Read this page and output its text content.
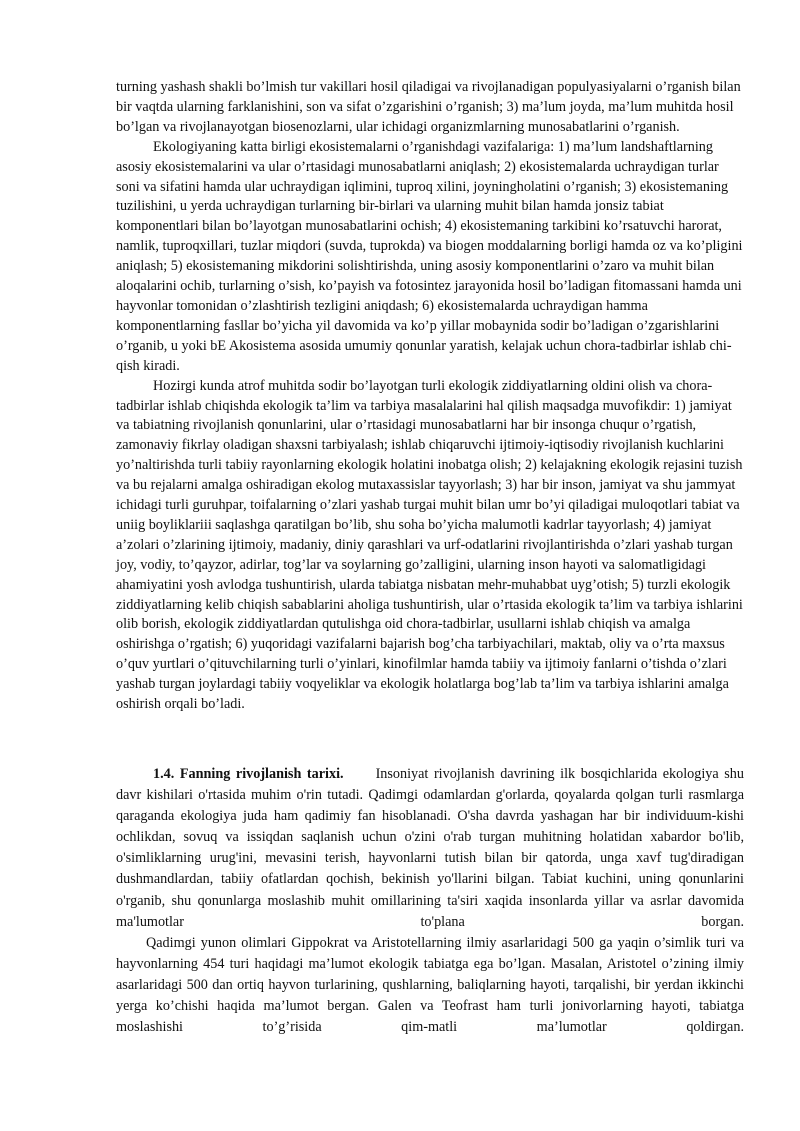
turning yashash shakli bo’lmish tur vakillari hosil qiladigai va rivojlanadigan populyasiyalarni o’rganish bilan bir vaqtda ularning farklanishini, son va sifat o’zgarishini o’rganish; 3) ma’lum joyda, ma’lum muhitda hosil bo’lgan va rivojlanayotgan biosenozlarni, ular ichidagi organizmlarning munosabatlarini o’rganish.

Ekologiyaning katta birligi ekosistemalarni o’rganishdagi vazifalariga: 1) ma’lum landshaftlarning asosiy ekosistemalarini va ular o’rtasidagi munosabatlarni aniqlash; 2) ekosistemalarda uchraydigan turlar soni va sifatini hamda ular uchraydigan iqlimini, tuproq xilini, joyningholatini o’rganish; 3) ekosistemaning tuzilishini, u yerda uchraydigan turlarning bir-birlari va ularning muhit bilan hamda jonsiz tabiat komponentlari bilan bo’layotgan munosabatlarini ochish; 4) ekosistemaning tarkibini ko’rsatuvchi harorat, namlik, tuproqxillari, tuzlar miqdori (suvda, tuprokda) va biogen moddalarning borligi hamda oz va ko’pligini aniqlash; 5) ekosistemaning mikdorini solishtirishda, uning asosiy komponentlarini o’zaro va muhit bilan aloqalarini ochib, turlarning o’sish, ko’payish va fotosintez jarayonida hosil bo’ladigan fitomassani hamda uni hayvonlar tomonidan o’zlashtirish tezligini aniqdash; 6) ekosistemalarda uchraydigan hamma komponentlarning fasllar bo’yicha yil davomida va ko’p yillar mobaynida sodir bo’ladigan o’zgarishlarini o’rganib, u yoki bE Akosistema asosida umumiy qonunlar yaratish, kelajak uchun chora-tadbirlar ishlab chi-qish kiradi.

Hozirgi kunda atrof muhitda sodir bo’layotgan turli ekologik ziddiyatlarning oldini olish va chora-tadbirlar ishlab chiqishda ekologik ta’lim va tarbiya masalalarini hal qilish maqsadga muvofikdir: 1) jamiyat va tabiatning rivojlanish qonunlarini, ular o’rtasidagi munosabatlarni har bir insonga chuqur o’rgatish, zamonaviy fikrlay oladigan shaxsni tarbiyalash; ishlab chiqaruvchi ijtimoiy-iqtisodiy rivojlanish kuchlarini yo’naltirishda turli tabiiy rayonlarning ekologik holatini inobatga olish; 2) kelajakning ekologik rejasini tuzish va bu rejalarni amalga oshiradigan ekolog mutaxassislar tayyorlash; 3) har bir inson, jamiyat va shu jammyat ichidagi turli guruhpar, toifalarning o’zlari yashab turgai muhit bilan umr bo’yi qiladigai muloqotlari tabiat va uniig boyliklariii saqlashga qaratilgan bo’lib, shu soha bo’yicha malumotli kadrlar tayyorlash; 4) jamiyat a’zolari o’zlarining ijtimoiy, madaniy, diniy qarashlari va urf-odatlarini rivojlantirishda o’zlari yashab turgan joy, vodiy, to’qayzor, adirlar, tog’lar va soylarning go’zalligini, ularning inson hayoti va salomatligidagi ahamiyatini yosh avlodga tushuntirish, ularda tabiatga nisbatan mehr-muhabbat uyg’otish; 5) turzli ekologik ziddiyatlarning kelib chiqish sabablarini aholiga tushuntirish, ular o’rtasida ekologik ta’lim va tarbiya ishlarini olib borish, ekologik ziddiyatlardan qutulishga oid chora-tadbirlar, usullarni ishlab chiqish va amalga oshirishga o’rgatish; 6) yuqoridagi vazifalarni bajarish bog’cha tarbiyachilari, maktab, oliy va o’rta maxsus o’quv yurtlari o’qituvchilarning turli o’yinlari, kinofilmlar hamda tabiiy va ijtimoiy fanlarni o’tishda o’zlari yashab turgan joylardagi tabiiy voqyeliklar va ekologik holatlarga bog’lab ta’lim va tarbiya ishlarini amalga oshirish orqali bo’ladi.

1.4. Fanning rivojlanish tarixi. Insoniyat rivojlanish davrining ilk bosqichlarida ekologiya shu davr kishilari o'rtasida muhim o'rin tutadi. Qadimgi odamlardan g'orlarda, qoyalarda qolgan turli rasmlarga qaraganda ekologiya juda ham qadimiy fan hisoblanadi. O'sha davrda yashagan har bir individuum-kishi ochlikdan, sovuq va issiqdan saqlanish uchun o'zini o'rab turgan muhitning holatidan xabardor bo'lib, o'simliklarning urug'ini, mevasini terish, hayvonlarni tutish bilan bir qatorda, unga xavf tug'diradigan dushmandlardan, tabiiy ofatlardan qochish, bekinish yo'llarini bilgan. Tabiat kuchini, uning qonunlarini o'rganib, shu qonunlarga moslashib muhit omillarining ta'siri xaqida insonlarda yillar va asrlar davomida ma'lumotlar to'plana borgan.

Qadimgi yunon olimlari Gippokrat va Aristotellarning ilmiy asarlaridagi 500 ga yaqin o’simlik turi va hayvonlarning 454 turi haqidagi ma’lumot ekologik tabiatga ega bo’lgan. Masalan, Aristotel o’zining ilmiy asarlaridagi 500 dan ortiq hayvon turlarining, qushlarning, baliqlarning hayoti, tarqalishi, bir yerdan ikkinchi yerga ko’chishi haqida ma’lumot bergan. Galen va Teofrast ham turli jonivorlarning hayoti, tabiatga moslashishi to’g’risida qim-matli ma’lumotlar qoldirgan.
